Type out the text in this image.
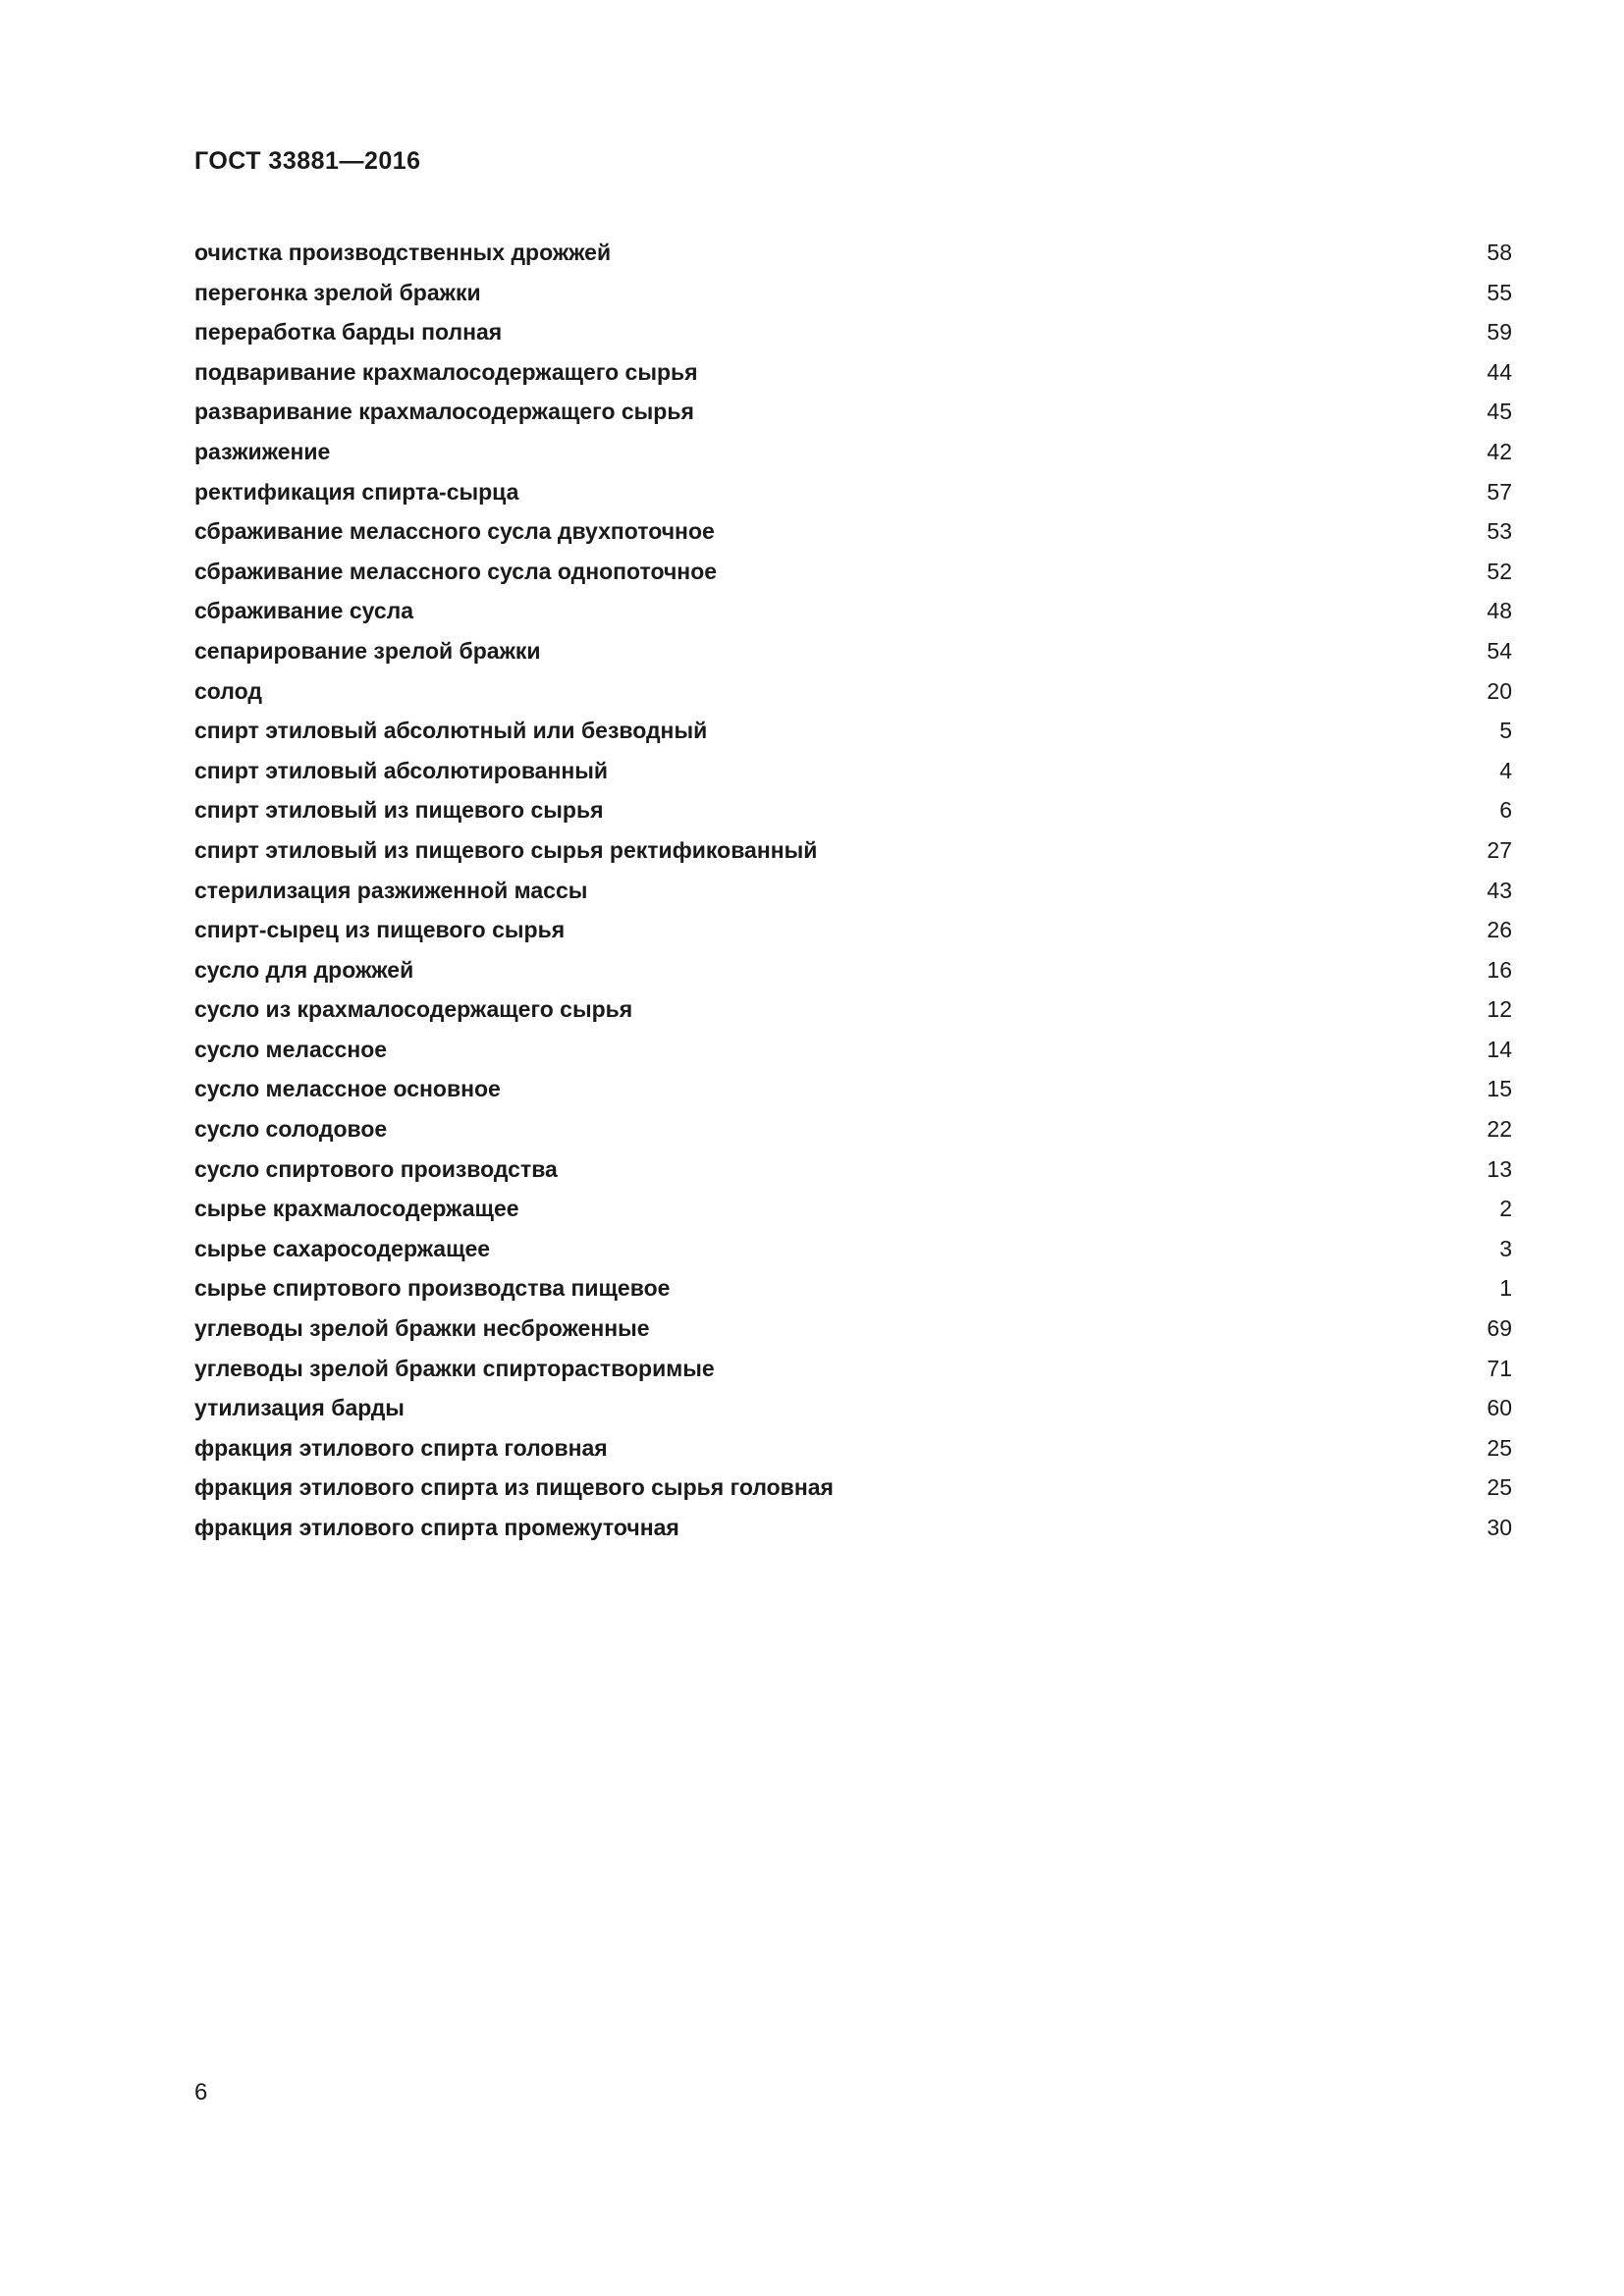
ГОСТ 33881—2016
очистка производственных дрожжей	58
перегонка зрелой бражки	55
переработка барды полная	59
подваривание крахмалосодержащего сырья	44
разваривание крахмалосодержащего сырья	45
разжижение	42
ректификация спирта-сырца	57
сбраживание мелассного сусла двухпоточное	53
сбраживание мелассного сусла однопоточное	52
сбраживание сусла	48
сепарирование зрелой бражки	54
солод	20
спирт этиловый абсолютный или безводный	5
спирт этиловый абсолютированный	4
спирт этиловый из пищевого сырья	6
спирт этиловый из пищевого сырья ректификованный	27
стерилизация разжиженной массы	43
спирт-сырец из пищевого сырья	26
сусло для дрожжей	16
сусло из крахмалосодержащего сырья	12
сусло мелассное	14
сусло мелассное основное	15
сусло солодовое	22
сусло спиртового производства	13
сырье крахмалосодержащее	2
сырье сахаросодержащее	3
сырье спиртового производства пищевое	1
углеводы зрелой бражки несброженные	69
углеводы зрелой бражки спирторастворимые	71
утилизация барды	60
фракция этилового спирта головная	25
фракция этилового спирта из пищевого сырья головная	25
фракция этилового спирта промежуточная	30
6
